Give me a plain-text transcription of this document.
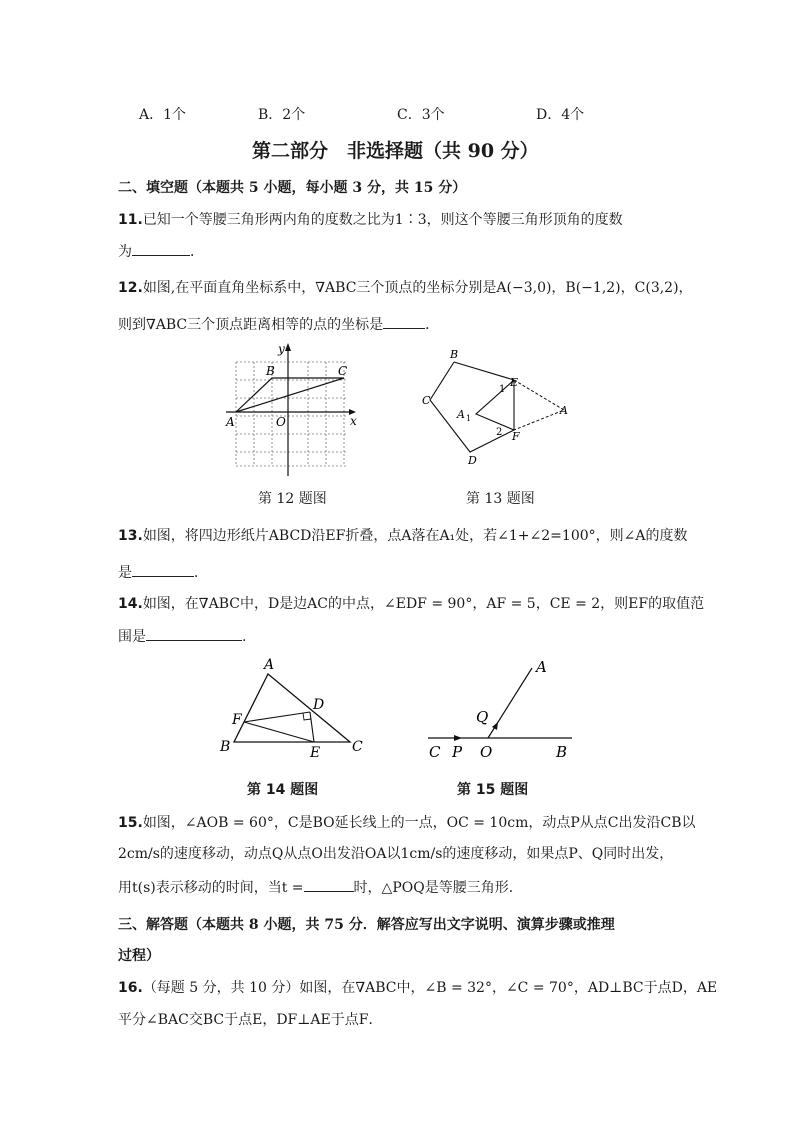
A．1个	B．2个	C．3个	D．4个
第二部分　非选择题（共 90 分）
二、填空题（本题共 5 小题，每小题 3 分，共 15 分）
11.已知一个等腰三角形两内角的度数之比为1∶3，则这个等腰三角形顶角的度数
为	．
12.如图,在平面直角坐标系中，∇ABC三个顶点的坐标分别是A(−3,0)，B(−1,2)，C(3,2)，
则到∇ABC三个顶点距离相等的点的坐标是	．
y
x
B	C
A	O
第 12 题图
B
C
D
E
F
A
A 1
1
2
第 13 题图
13.如图，将四边形纸片ABCD沿EF折叠，点A落在A₁处，若∠1+∠2=100°，则∠A的度数
是	．
14.如图，在∇ABC中，D是边AC的中点，∠EDF = 90°，AF = 5，CE = 2，则EF的取值范
围是	.
A
B	C
D
E
F
第 14 题图
A
B
C P O
Q
第 15 题图
15.如图，∠AOB = 60°，C是BO延长线上的一点，OC = 10cm，动点P从点C出发沿CB以
2cm/s的速度移动，动点Q从点O出发沿OA以1cm/s的速度移动，如果点P、Q同时出发，
用t(s)表示移动的时间，当t =	时，△POQ是等腰三角形．
三、解答题（本题共 8 小题，共 75 分．解答应写出文字说明、演算步骤或推理
过程）
16.（每题 5 分，共 10 分）如图，在∇ABC中，∠B = 32°，∠C = 70°，AD⊥BC于点D，AE
平分∠BAC交BC于点E，DF⊥AE于点F．
